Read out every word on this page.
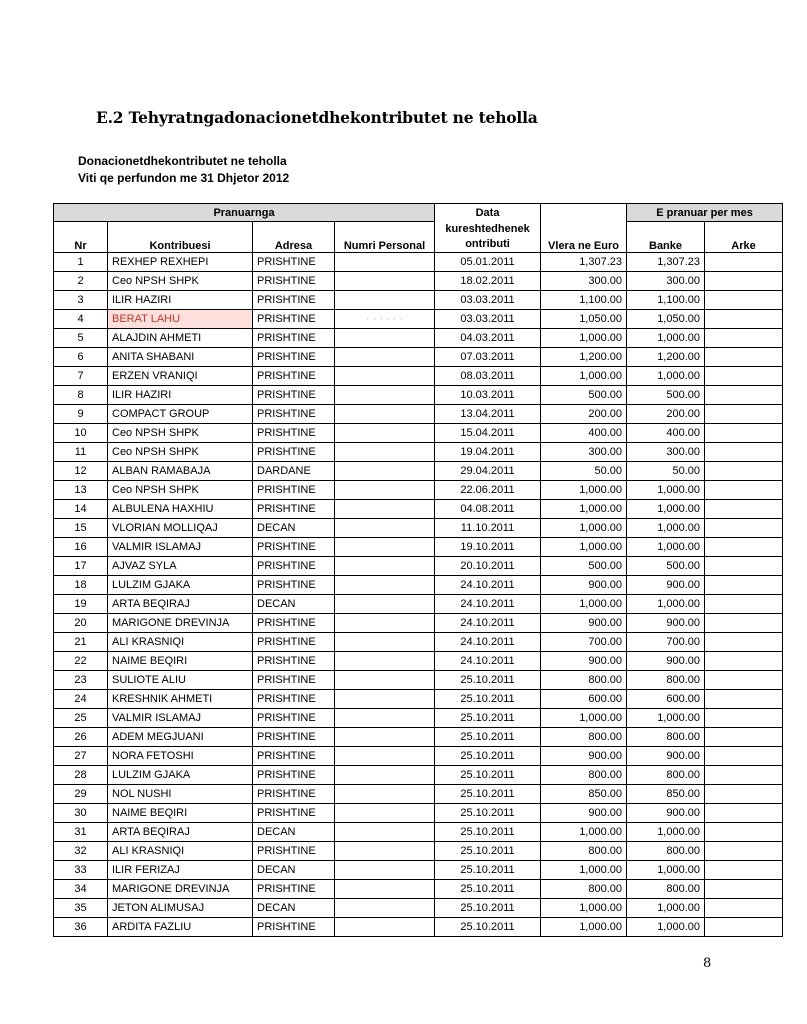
E.2 Tehyratngadonacionetdhekontributet ne teholla
Donacionetdhekontributet ne teholla
Viti qe perfundon me 31 Dhjetor 2012
Pranuarnga				Data	Vlera ne Euro	E pranuar per mes	
Nr	Kontribuesi	Adresa	Numri Personal	kureshtedhenek		Banke	Arke
				ontributi			
1	REXHEP REXHEPI	PRISHTINE		05.01.2011	1,307.23	1,307.23	
2	Ceo NPSH SHPK	PRISHTINE		18.02.2011	300.00	300.00	
3	ILIR HAZIRI	PRISHTINE		03.03.2011	1,100.00	1,100.00	
4	BERAT LAHU	PRISHTINE	· · · · · ·	03.03.2011	1,050.00	1,050.00	
5	ALAJDIN AHMETI	PRISHTINE		04.03.2011	1,000.00	1,000.00	
6	ANITA SHABANI	PRISHTINE		07.03.2011	1,200.00	1,200.00	
7	ERZEN VRANIQI	PRISHTINE		08.03.2011	1,000.00	1,000.00	
8	ILIR HAZIRI	PRISHTINE		10.03.2011	500.00	500.00	
9	COMPACT GROUP	PRISHTINE		13.04.2011	200.00	200.00	
10	Ceo NPSH SHPK	PRISHTINE		15.04.2011	400.00	400.00	
11	Ceo NPSH SHPK	PRISHTINE		19.04.2011	300.00	300.00	
12	ALBAN RAMABAJA	DARDANE		29.04.2011	50.00	50.00	
13	Ceo NPSH SHPK	PRISHTINE		22.06.2011	1,000.00	1,000.00	
14	ALBULENA HAXHIU	PRISHTINE		04.08.2011	1,000.00	1,000.00	
15	VLORIAN MOLLIQAJ	DECAN		11.10.2011	1,000.00	1,000.00	
16	VALMIR ISLAMAJ	PRISHTINE		19.10.2011	1,000.00	1,000.00	
17	AJVAZ SYLA	PRISHTINE		20.10.2011	500.00	500.00	
18	LULZIM GJAKA	PRISHTINE		24.10.2011	900.00	900.00	
19	ARTA BEQIRAJ	DECAN		24.10.2011	1,000.00	1,000.00	
20	MARIGONE DREVINJA	PRISHTINE		24.10.2011	900.00	900.00	
21	ALI KRASNIQI	PRISHTINE		24.10.2011	700.00	700.00	
22	NAIME BEQIRI	PRISHTINE		24.10.2011	900.00	900.00	
23	SULIOTE ALIU	PRISHTINE		25.10.2011	800.00	800.00	
24	KRESHNIK AHMETI	PRISHTINE		25.10.2011	600.00	600.00	
25	VALMIR ISLAMAJ	PRISHTINE		25.10.2011	1,000.00	1,000.00	
26	ADEM MEGJUANI	PRISHTINE		25.10.2011	800.00	800.00	
27	NORA FETOSHI	PRISHTINE		25.10.2011	900.00	900.00	
28	LULZIM GJAKA	PRISHTINE		25.10.2011	800.00	800.00	
29	NOL NUSHI	PRISHTINE		25.10.2011	850.00	850.00	
30	NAIME BEQIRI	PRISHTINE		25.10.2011	900.00	900.00	
31	ARTA BEQIRAJ	DECAN		25.10.2011	1,000.00	1,000.00	
32	ALI KRASNIQI	PRISHTINE		25.10.2011	800.00	800.00	
33	ILIR FERIZAJ	DECAN		25.10.2011	1,000.00	1,000.00	
34	MARIGONE DREVINJA	PRISHTINE		25.10.2011	800.00	800.00	
35	JETON ALIMUSAJ	DECAN		25.10.2011	1,000.00	1,000.00	
36	ARDITA FAZLIU	PRISHTINE		25.10.2011	1,000.00	1,000.00	
8
